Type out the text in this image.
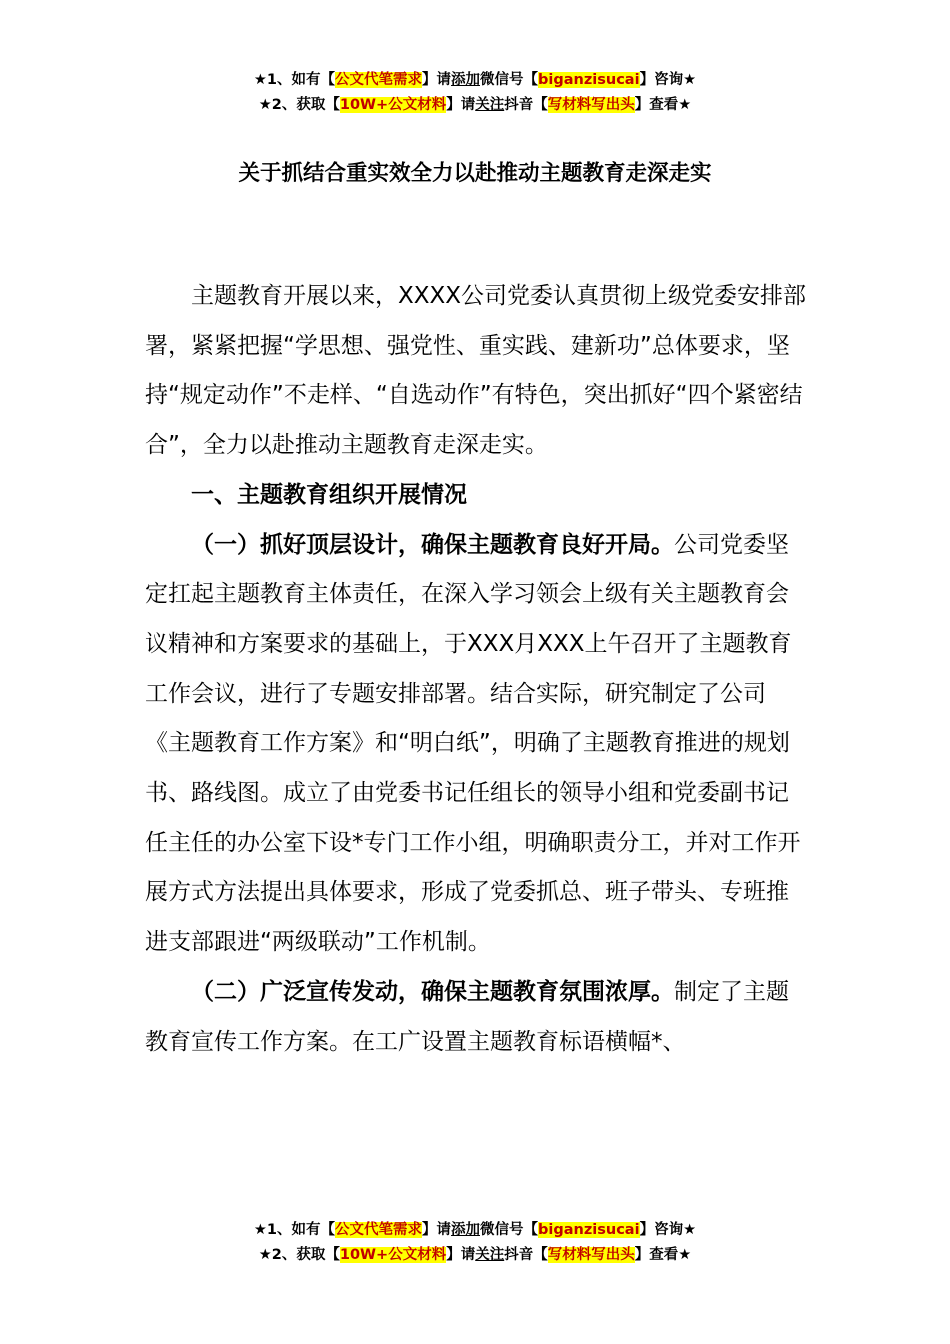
★1、如有【公文代笔需求】请添加微信号【biganzisucai】咨询★
★2、获取【10W+公文材料】请关注抖音【写材料写出头】查看★
关于抓结合重实效全力以赴推动主题教育走深走实

主题教育开展以来，XXXX公司党委认真贯彻上级党委安排部署，紧紧把握“学思想、强党性、重实践、建新功”总体要求，坚持“规定动作”不走样、“自选动作”有特色，突出抓好“四个紧密结合”，全力以赴推动主题教育走深走实。

一、主题教育组织开展情况

（一）抓好顶层设计，确保主题教育良好开局。公司党委坚定扛起主题教育主体责任，在深入学习领会上级有关主题教育会议精神和方案要求的基础上，于XXX月XXX上午召开了主题教育工作会议，进行了专题安排部署。结合实际，研究制定了公司《主题教育工作方案》和“明白纸”，明确了主题教育推进的规划书、路线图。成立了由党委书记任组长的领导小组和党委副书记任主任的办公室下设*专门工作小组，明确职责分工，并对工作开展方式方法提出具体要求，形成了党委抓总、班子带头、专班推进支部跟进“两级联动”工作机制。

（二）广泛宣传发动，确保主题教育氛围浓厚。制定了主题教育宣传工作方案。在工广设置主题教育标语横幅*、

★1、如有【公文代笔需求】请添加微信号【biganzisucai】咨询★
★2、获取【10W+公文材料】请关注抖音【写材料写出头】查看★
